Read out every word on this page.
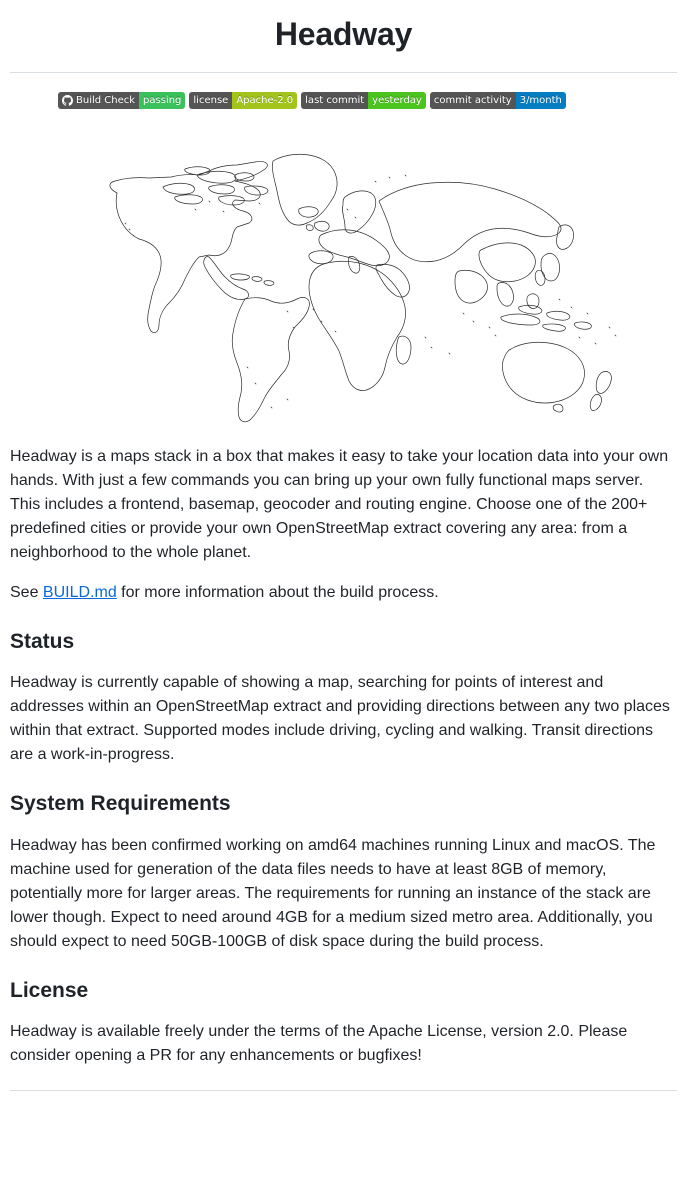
Headway
Build Check passing	license Apache-2.0	last commit yesterday	commit activity 3/month

Headway is a maps stack in a box that makes it easy to take your location data into your own hands. With just a few commands you can bring up your own fully functional maps server. This includes a frontend, basemap, geocoder and routing engine. Choose one of the 200+ predefined cities or provide your own OpenStreetMap extract covering any area: from a neighborhood to the whole planet.

See BUILD.md for more information about the build process.

Status

Headway is currently capable of showing a map, searching for points of interest and addresses within an OpenStreetMap extract and providing directions between any two places within that extract. Supported modes include driving, cycling and walking. Transit directions are a work-in-progress.

System Requirements

Headway has been confirmed working on amd64 machines running Linux and macOS. The machine used for generation of the data files needs to have at least 8GB of memory, potentially more for larger areas. The requirements for running an instance of the stack are lower though. Expect to need around 4GB for a medium sized metro area. Additionally, you should expect to need 50GB-100GB of disk space during the build process.

License

Headway is available freely under the terms of the Apache License, version 2.0. Please consider opening a PR for any enhancements or bugfixes!
